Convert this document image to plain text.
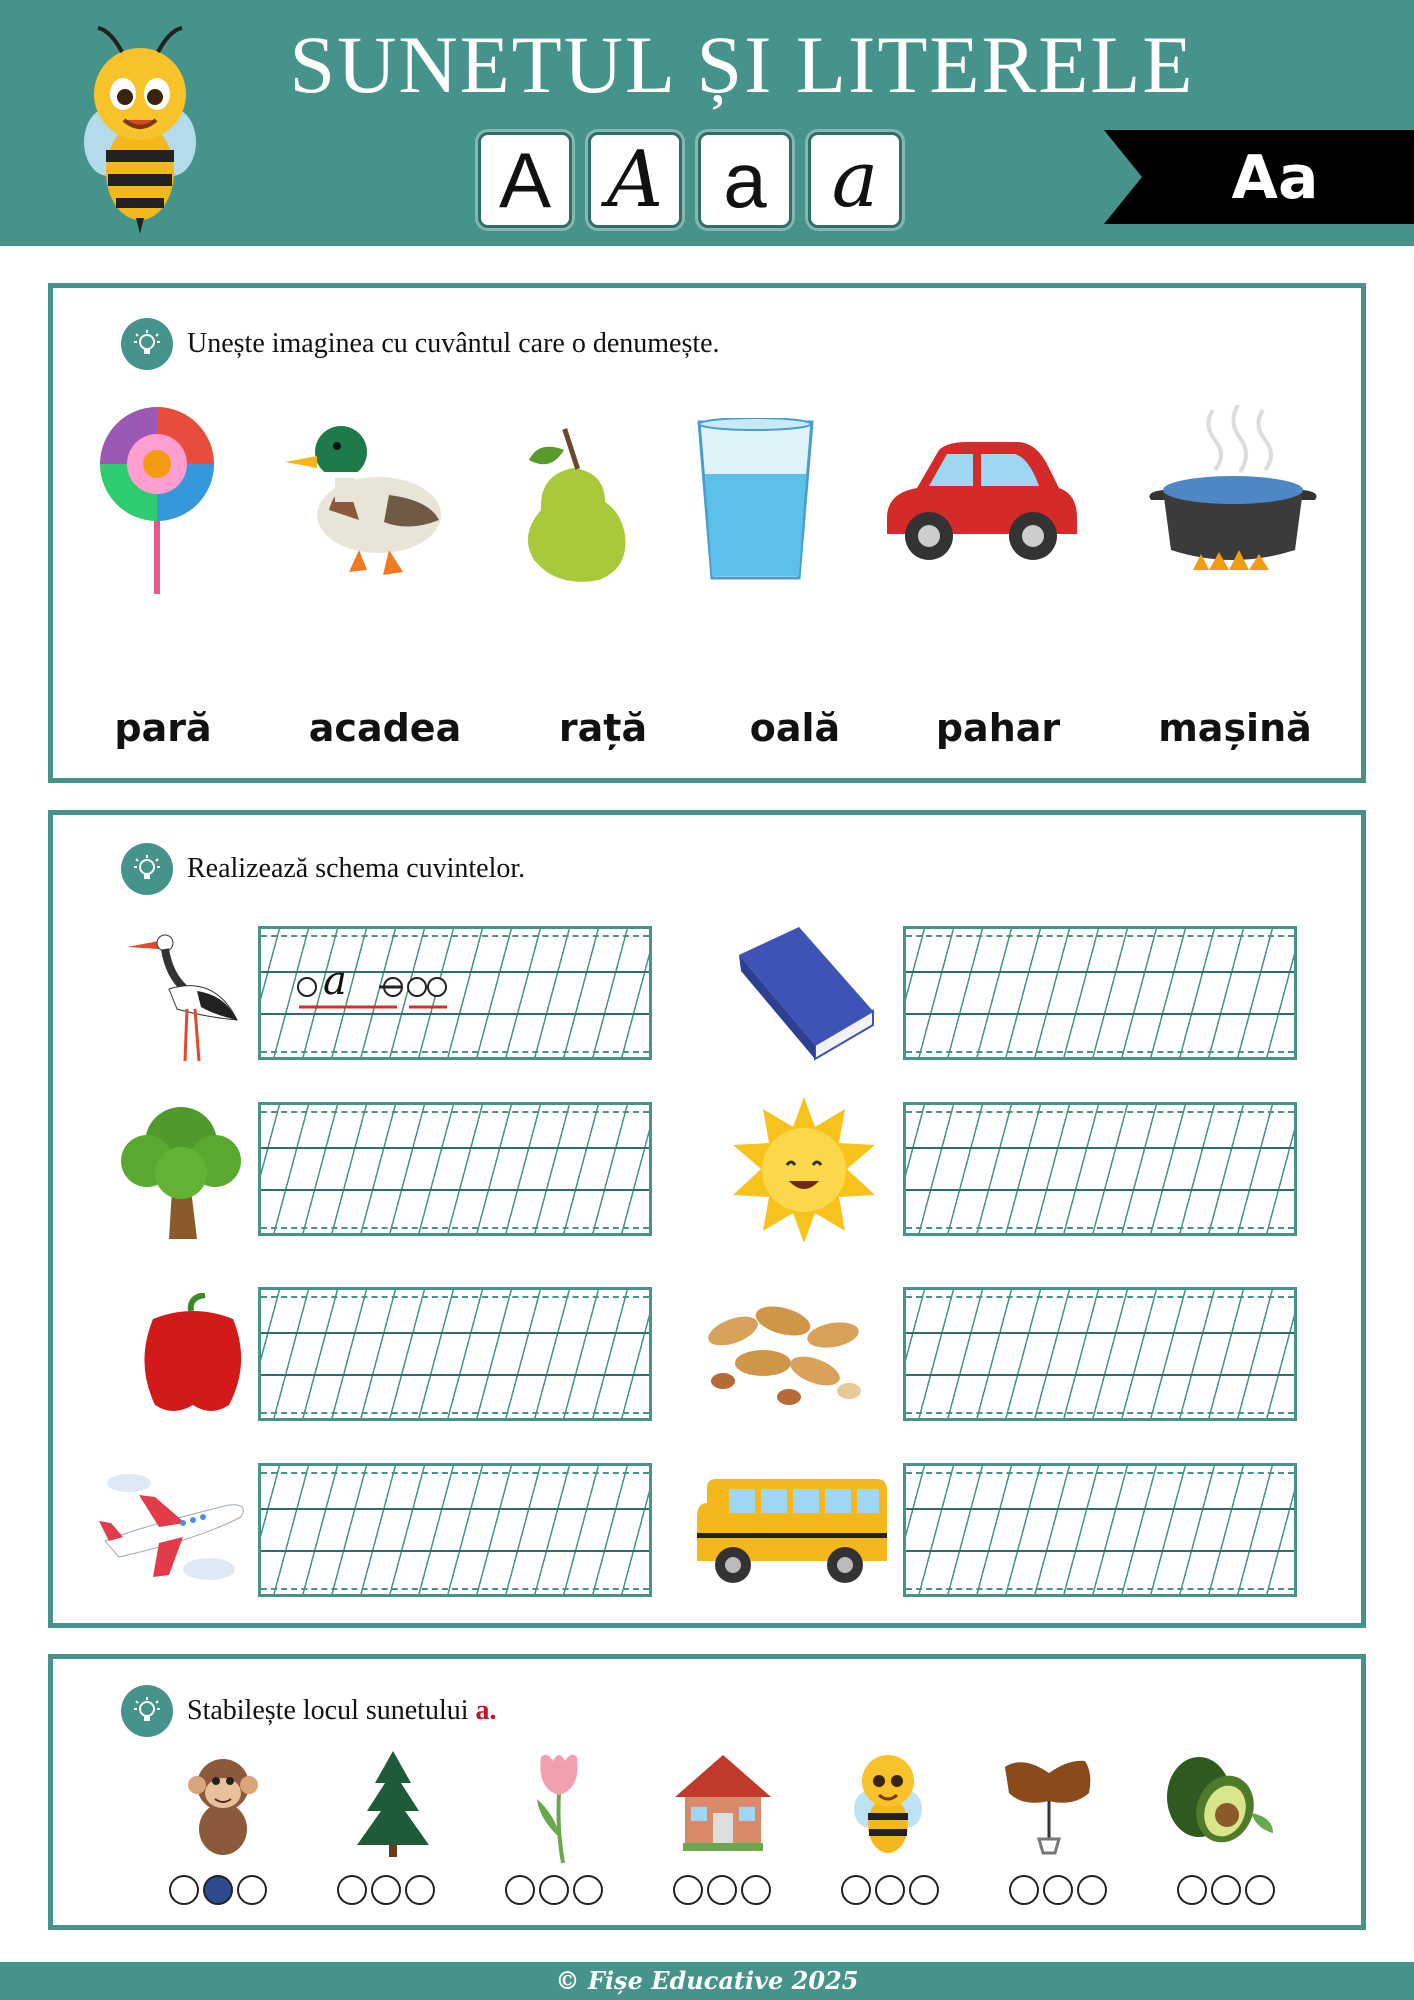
SUNETUL ȘI LITERELE
A A a a	Aa
Unește imaginea cu cuvântul care o denumește.
pară	acadea	rață	oală	pahar	mașină
Realizează schema cuvintelor.
a
Stabilește locul sunetului a.
© Fișe Educative 2025
